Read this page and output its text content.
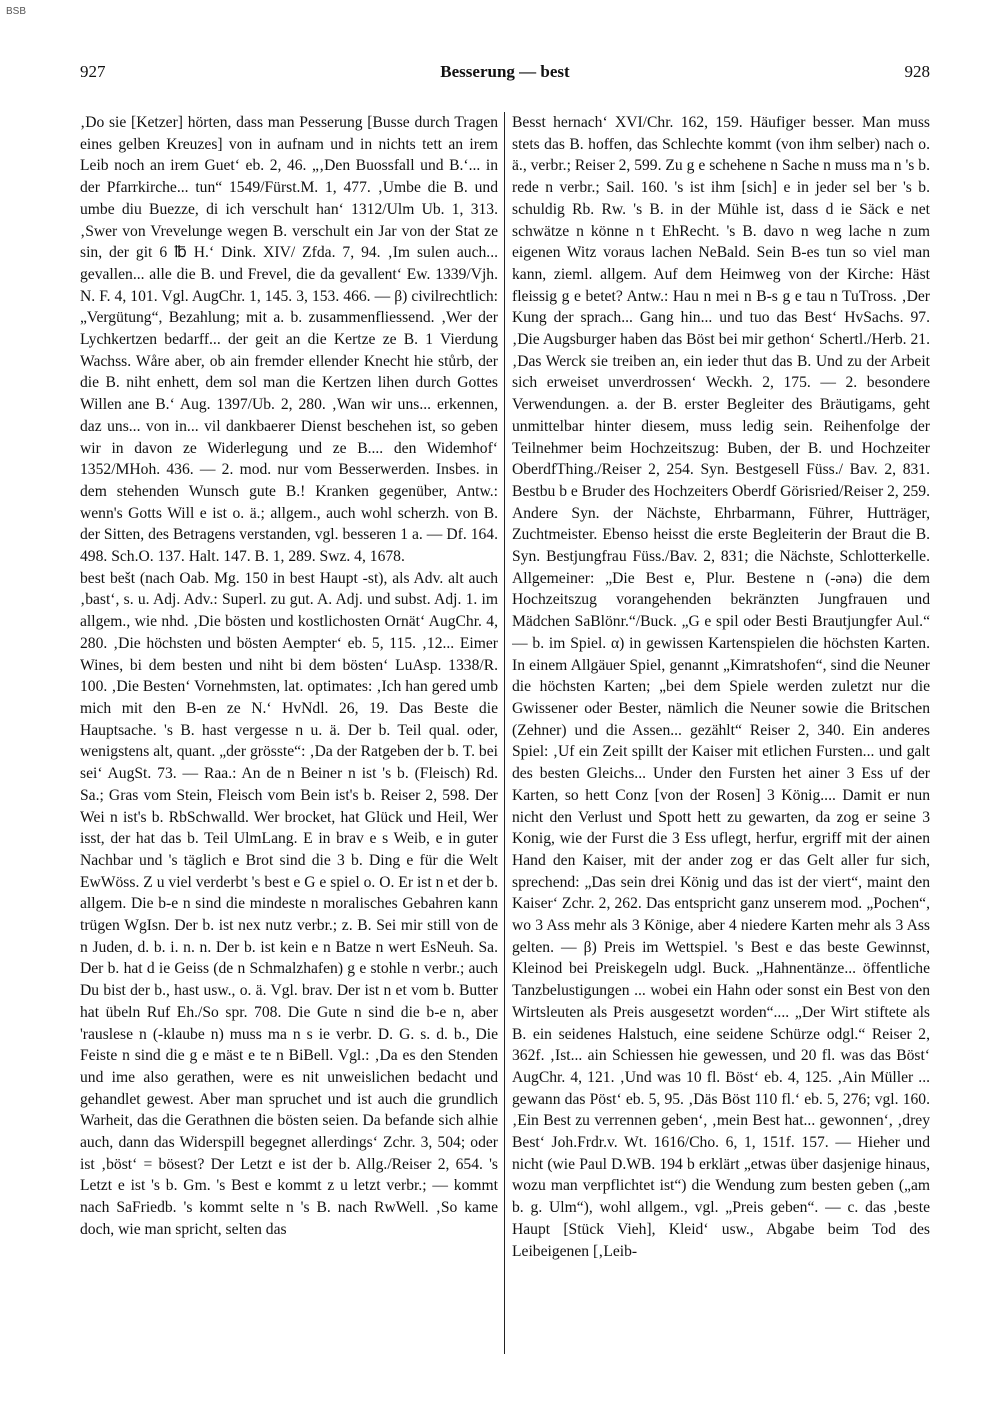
BSB
927	Besserung — best	928

‚Do sie [Ketzer] hörten, dass man Pesserung [Busse durch Tragen eines gelben Kreuzes] von in aufnam und in nichts tett an irem Leib noch an irem Guet‘ eb. 2, 46. „‚Den Buossfall und B.‘... in der Pfarrkirche... tun“ 1549/Fürst.M. 1, 477. ‚Umbe die B. und umbe diu Buezze, di ich verschult han‘ 1312/Ulm Ub. 1, 313. ‚Swer von Vrevelunge wegen B. verschult ein Jar von der Stat ze sin, der git 6 ℔ H.‘ Dink. XIV/ Zfda. 7, 94. ‚Im sulen auch... gevallen... alle die B. und Frevel, die da gevallent‘ Ew. 1339/Vjh. N. F. 4, 101. Vgl. AugChr. 1, 145. 3, 153. 466. — β) civilrechtlich: „Vergütung“, Bezahlung; mit a. b. zusammenfliessend. ‚Wer der Lychkertzen bedarff... der geit an die Kertze ze B. 1 Vierdung Wachss. Wåre aber, ob ain fremder ellender Knecht hie stůrb, der die B. niht enhett, dem sol man die Kertzen lihen durch Gottes Willen ane B.‘ Aug. 1397/Ub. 2, 280. ‚Wan wir uns... erkennen, daz uns... von in... vil dankbaerer Dienst beschehen ist, so geben wir in davon ze Widerlegung und ze B.... den Widemhof‘ 1352/MHoh. 436. — 2. mod. nur vom Besserwerden. Insbes. in dem stehenden Wunsch gute B.! Kranken gegenüber, Antw.: wenn's Gotts Will e ist o. ä.; allgem., auch wohl scherzh. von B. der Sitten, des Betragens verstanden, vgl. besseren 1 a. — Df. 164. 498. Sch.O. 137. Halt. 147. B. 1, 289. Swz. 4, 1678.

best bešt (nach Oab. Mg. 150 in best Haupt -st), als Adv. alt auch ‚bast‘, s. u. Adj. Adv.: Superl. zu gut. A. Adj. und subst. Adj. 1. im allgem., wie nhd. ‚Die bösten und kostlichosten Ornät‘ AugChr. 4, 280. ‚Die höchsten und bösten Aempter‘ eb. 5, 115. ‚12... Eimer Wines, bi dem besten und niht bi dem bösten‘ LuAsp. 1338/R. 100. ‚Die Besten‘ Vornehmsten, lat. optimates: ‚Ich han gered umb mich mit den B-en ze N.‘ HvNdl. 26, 19. Das Beste die Hauptsache. 's B. hast vergesse n u. ä. Der b. Teil qual. oder, wenigstens alt, quant. „der grösste“: ‚Da der Ratgeben der b. T. bei sei‘ AugSt. 73. — Raa.: An de n Beiner n ist 's b. (Fleisch) Rd. Sa.; Gras vom Stein, Fleisch vom Bein ist's b. Reiser 2, 598. Der Wei n ist's b. RbSchwalld. Wer brocket, hat Glück und Heil, Wer isst, der hat das b. Teil UlmLang. E in brav e s Weib, e in guter Nachbar und 's täglich e Brot sind die 3 b. Ding e für die Welt EwWöss. Z u viel verderbt 's best e G e spiel o. O. Er ist n et der b. allgem. Die b-e n sind die mindeste n moralisches Gebahren kann trügen WgIsn. Der b. ist nex nutz verbr.; z. B. Sei mir still von de n Juden, d. b. i. n. n. Der b. ist kein e n Batze n wert EsNeuh. Sa. Der b. hat d ie Geiss (de n Schmalzhafen) g e stohle n verbr.; auch Du bist der b., hast usw., o. ä. Vgl. brav. Der ist n et vom b. Butter hat übeln Ruf Eh./So spr. 708. Die Gute n sind die b-e n, aber 'rauslese n (-klaube n) muss ma n s ie verbr. D. G. s. d. b., Die Feiste n sind die g e mäst e te n BiBell. Vgl.: ‚Da es den Stenden und ime also gerathen, were es nit unweislichen bedacht und gehandlet gewest. Aber man spruchet und ist auch die grundlich Warheit, das die Gerathnen die bösten seien. Da befande sich alhie auch, dann das Widerspill begegnet allerdings‘ Zchr. 3, 504; oder ist ‚böst‘ = bösest? Der Letzt e ist der b. Allg./Reiser 2, 654. 's Letzt e ist 's b. Gm. 's Best e kommt z u letzt verbr.; — kommt nach SaFriedb. 's kommt selte n 's B. nach RwWell. ‚So kame doch, wie man spricht, selten das

Besst hernach‘ XVI/Chr. 162, 159. Häufiger besser. Man muss stets das B. hoffen, das Schlechte kommt (von ihm selber) nach o. ä., verbr.; Reiser 2, 599. Zu g e schehene n Sache n muss ma n 's b. rede n verbr.; Sail. 160. 's ist ihm [sich] e in jeder sel ber 's b. schuldig Rb. Rw. 's B. in der Mühle ist, dass d ie Säck e net schwätze n könne n t EhRecht. 's B. davo n weg lache n zum eigenen Witz voraus lachen NeBald. Sein B-es tun so viel man kann, zieml. allgem. Auf dem Heimweg von der Kirche: Häst fleissig g e betet? Antw.: Hau n mei n B-s g e tau n TuTross. ‚Der Kung der sprach... Gang hin... und tuo das Best‘ HvSachs. 97. ‚Die Augsburger haben das Böst bei mir gethon‘ Schertl./Herb. 21. ‚Das Werck sie treiben an, ein ieder thut das B. Und zu der Arbeit sich erweiset unverdrossen‘ Weckh. 2, 175. — 2. besondere Verwendungen. a. der B. erster Begleiter des Bräutigams, geht unmittelbar hinter diesem, muss ledig sein. Reihenfolge der Teilnehmer beim Hochzeitszug: Buben, der B. und Hochzeiter OberdfThing./Reiser 2, 254. Syn. Bestgesell Füss./ Bav. 2, 831. Bestbu b e Bruder des Hochzeiters Oberdf Görisried/Reiser 2, 259. Andere Syn. der Nächste, Ehrbarmann, Führer, Hutträger, Zuchtmeister. Ebenso heisst die erste Begleiterin der Braut die B. Syn. Bestjungfrau Füss./Bav. 2, 831; die Nächste, Schlotterkelle. Allgemeiner: „Die Best e, Plur. Bestene n (-ənə) die dem Hochzeitszug vorangehenden bekränzten Jungfrauen und Mädchen SaBlönr.“/Buck. „G e spil oder Besti Brautjungfer Aul.“ — b. im Spiel. α) in gewissen Kartenspielen die höchsten Karten. In einem Allgäuer Spiel, genannt „Kimratshofen“, sind die Neuner die höchsten Karten; „bei dem Spiele werden zuletzt nur die Gwissener oder Bester, nämlich die Neuner sowie die Britschen (Zehner) und die Assen... gezählt“ Reiser 2, 340. Ein anderes Spiel: ‚Uf ein Zeit spillt der Kaiser mit etlichen Fursten... und galt des besten Gleichs... Under den Fursten het ainer 3 Ess uf der Karten, so hett Conz [von der Rosen] 3 König.... Damit er nun nicht den Verlust und Spott hett zu gewarten, da zog er seine 3 Konig, wie der Furst die 3 Ess uflegt, herfur, ergriff mit der ainen Hand den Kaiser, mit der ander zog er das Gelt aller fur sich, sprechend: „Das sein drei König und das ist der viert“, maint den Kaiser‘ Zchr. 2, 262. Das entspricht ganz unserem mod. „Pochen“, wo 3 Ass mehr als 3 Könige, aber 4 niedere Karten mehr als 3 Ass gelten. — β) Preis im Wettspiel. 's Best e das beste Gewinnst, Kleinod bei Preiskegeln udgl. Buck. „Hahnentänze... öffentliche Tanzbelustigungen ... wobei ein Hahn oder sonst ein Best von den Wirtsleuten als Preis ausgesetzt worden“.... „Der Wirt stiftete als B. ein seidenes Halstuch, eine seidene Schürze odgl.“ Reiser 2, 362f. ‚Ist... ain Schiessen hie gewessen, und 20 fl. was das Böst‘ AugChr. 4, 121. ‚Und was 10 fl. Böst‘ eb. 4, 125. ‚Ain Müller ... gewann das Pöst‘ eb. 5, 95. ‚Däs Böst 110 fl.‘ eb. 5, 276; vgl. 160. ‚Ein Best zu verrennen geben‘, ‚mein Best hat... gewonnen‘, ‚drey Best‘ Joh.Frdr.v. Wt. 1616/Cho. 6, 1, 151f. 157. — Hieher und nicht (wie Paul D.WB. 194 b erklärt „etwas über dasjenige hinaus, wozu man verpflichtet ist“) die Wendung zum besten geben („am b. g. Ulm“), wohl allgem., vgl. „Preis geben“. — c. das ‚beste Haupt [Stück Vieh], Kleid‘ usw., Abgabe beim Tod des Leibeigenen [‚Leib-
